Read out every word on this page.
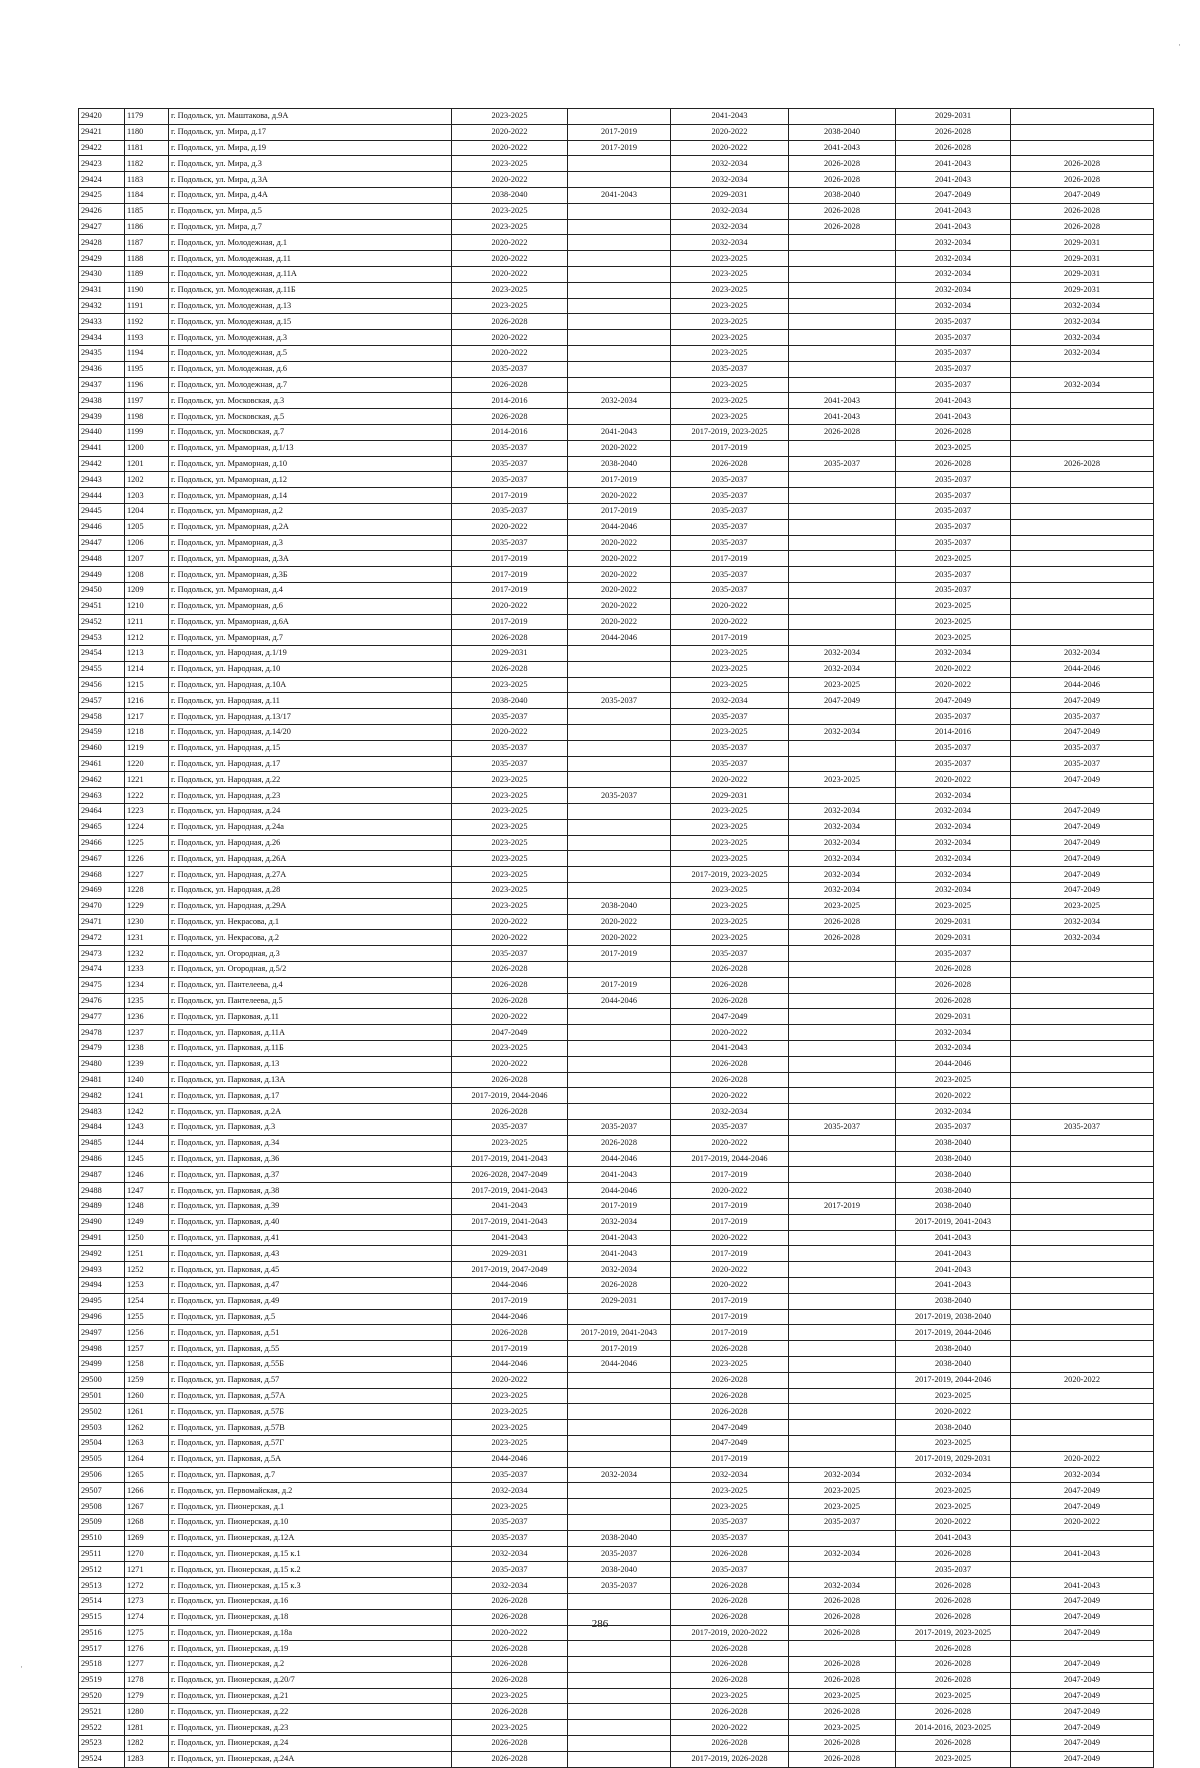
29420	1179	г. Подольск, ул. Маштакова, д.9А	2023-2025		2041-2043		2029-2031	
29421	1180	г. Подольск, ул. Мира, д.17	2020-2022	2017-2019	2020-2022	2038-2040	2026-2028	
29422	1181	г. Подольск, ул. Мира, д.19	2020-2022	2017-2019	2020-2022	2041-2043	2026-2028	
29423	1182	г. Подольск, ул. Мира, д.3	2023-2025		2032-2034	2026-2028	2041-2043	2026-2028
29424	1183	г. Подольск, ул. Мира, д.3А	2020-2022		2032-2034	2026-2028	2041-2043	2026-2028
29425	1184	г. Подольск, ул. Мира, д.4А	2038-2040	2041-2043	2029-2031	2038-2040	2047-2049	2047-2049
29426	1185	г. Подольск, ул. Мира, д.5	2023-2025		2032-2034	2026-2028	2041-2043	2026-2028
29427	1186	г. Подольск, ул. Мира, д.7	2023-2025		2032-2034	2026-2028	2041-2043	2026-2028
29428	1187	г. Подольск, ул. Молодежная, д.1	2020-2022		2032-2034		2032-2034	2029-2031
29429	1188	г. Подольск, ул. Молодежная, д.11	2020-2022		2023-2025		2032-2034	2029-2031
29430	1189	г. Подольск, ул. Молодежная, д.11А	2020-2022		2023-2025		2032-2034	2029-2031
29431	1190	г. Подольск, ул. Молодежная, д.11Б	2023-2025		2023-2025		2032-2034	2029-2031
29432	1191	г. Подольск, ул. Молодежная, д.13	2023-2025		2023-2025		2032-2034	2032-2034
29433	1192	г. Подольск, ул. Молодежная, д.15	2026-2028		2023-2025		2035-2037	2032-2034
29434	1193	г. Подольск, ул. Молодежная, д.3	2020-2022		2023-2025		2035-2037	2032-2034
29435	1194	г. Подольск, ул. Молодежная, д.5	2020-2022		2023-2025		2035-2037	2032-2034
29436	1195	г. Подольск, ул. Молодежная, д.6	2035-2037		2035-2037		2035-2037	
29437	1196	г. Подольск, ул. Молодежная, д.7	2026-2028		2023-2025		2035-2037	2032-2034
29438	1197	г. Подольск, ул. Московская, д.3	2014-2016	2032-2034	2023-2025	2041-2043	2041-2043	
29439	1198	г. Подольск, ул. Московская, д.5	2026-2028		2023-2025	2041-2043	2041-2043	
29440	1199	г. Подольск, ул. Московская, д.7	2014-2016	2041-2043	2017-2019, 2023-2025	2026-2028	2026-2028	
29441	1200	г. Подольск, ул. Мраморная, д.1/13	2035-2037	2020-2022	2017-2019		2023-2025	
29442	1201	г. Подольск, ул. Мраморная, д.10	2035-2037	2038-2040	2026-2028	2035-2037	2026-2028	2026-2028
29443	1202	г. Подольск, ул. Мраморная, д.12	2035-2037	2017-2019	2035-2037		2035-2037	
29444	1203	г. Подольск, ул. Мраморная, д.14	2017-2019	2020-2022	2035-2037		2035-2037	
29445	1204	г. Подольск, ул. Мраморная, д.2	2035-2037	2017-2019	2035-2037		2035-2037	
29446	1205	г. Подольск, ул. Мраморная, д.2А	2020-2022	2044-2046	2035-2037		2035-2037	
29447	1206	г. Подольск, ул. Мраморная, д.3	2035-2037	2020-2022	2035-2037		2035-2037	
29448	1207	г. Подольск, ул. Мраморная, д.3А	2017-2019	2020-2022	2017-2019		2023-2025	
29449	1208	г. Подольск, ул. Мраморная, д.3Б	2017-2019	2020-2022	2035-2037		2035-2037	
29450	1209	г. Подольск, ул. Мраморная, д.4	2017-2019	2020-2022	2035-2037		2035-2037	
29451	1210	г. Подольск, ул. Мраморная, д.6	2020-2022	2020-2022	2020-2022		2023-2025	
29452	1211	г. Подольск, ул. Мраморная, д.6А	2017-2019	2020-2022	2020-2022		2023-2025	
29453	1212	г. Подольск, ул. Мраморная, д.7	2026-2028	2044-2046	2017-2019		2023-2025	
29454	1213	г. Подольск, ул. Народная, д.1/19	2029-2031		2023-2025	2032-2034	2032-2034	2032-2034
29455	1214	г. Подольск, ул. Народная, д.10	2026-2028		2023-2025	2032-2034	2020-2022	2044-2046
29456	1215	г. Подольск, ул. Народная, д.10А	2023-2025		2023-2025	2023-2025	2020-2022	2044-2046
29457	1216	г. Подольск, ул. Народная, д.11	2038-2040	2035-2037	2032-2034	2047-2049	2047-2049	2047-2049
29458	1217	г. Подольск, ул. Народная, д.13/17	2035-2037		2035-2037		2035-2037	2035-2037
29459	1218	г. Подольск, ул. Народная, д.14/20	2020-2022		2023-2025	2032-2034	2014-2016	2047-2049
29460	1219	г. Подольск, ул. Народная, д.15	2035-2037		2035-2037		2035-2037	2035-2037
29461	1220	г. Подольск, ул. Народная, д.17	2035-2037		2035-2037		2035-2037	2035-2037
29462	1221	г. Подольск, ул. Народная, д.22	2023-2025		2020-2022	2023-2025	2020-2022	2047-2049
29463	1222	г. Подольск, ул. Народная, д.23	2023-2025	2035-2037	2029-2031		2032-2034	
29464	1223	г. Подольск, ул. Народная, д.24	2023-2025		2023-2025	2032-2034	2032-2034	2047-2049
29465	1224	г. Подольск, ул. Народная, д.24а	2023-2025		2023-2025	2032-2034	2032-2034	2047-2049
29466	1225	г. Подольск, ул. Народная, д.26	2023-2025		2023-2025	2032-2034	2032-2034	2047-2049
29467	1226	г. Подольск, ул. Народная, д.26А	2023-2025		2023-2025	2032-2034	2032-2034	2047-2049
29468	1227	г. Подольск, ул. Народная, д.27А	2023-2025		2017-2019, 2023-2025	2032-2034	2032-2034	2047-2049
29469	1228	г. Подольск, ул. Народная, д.28	2023-2025		2023-2025	2032-2034	2032-2034	2047-2049
29470	1229	г. Подольск, ул. Народная, д.29А	2023-2025	2038-2040	2023-2025	2023-2025	2023-2025	2023-2025
29471	1230	г. Подольск, ул. Некрасова, д.1	2020-2022	2020-2022	2023-2025	2026-2028	2029-2031	2032-2034
29472	1231	г. Подольск, ул. Некрасова, д.2	2020-2022	2020-2022	2023-2025	2026-2028	2029-2031	2032-2034
29473	1232	г. Подольск, ул. Огородная, д.3	2035-2037	2017-2019	2035-2037		2035-2037	
29474	1233	г. Подольск, ул. Огородная, д.5/2	2026-2028		2026-2028		2026-2028	
29475	1234	г. Подольск, ул. Пантелеева, д.4	2026-2028	2017-2019	2026-2028		2026-2028	
29476	1235	г. Подольск, ул. Пантелеева, д.5	2026-2028	2044-2046	2026-2028		2026-2028	
29477	1236	г. Подольск, ул. Парковая, д.11	2020-2022		2047-2049		2029-2031	
29478	1237	г. Подольск, ул. Парковая, д.11А	2047-2049		2020-2022		2032-2034	
29479	1238	г. Подольск, ул. Парковая, д.11Б	2023-2025		2041-2043		2032-2034	
29480	1239	г. Подольск, ул. Парковая, д.13	2020-2022		2026-2028		2044-2046	
29481	1240	г. Подольск, ул. Парковая, д.13А	2026-2028		2026-2028		2023-2025	
29482	1241	г. Подольск, ул. Парковая, д.17	2017-2019, 2044-2046		2020-2022		2020-2022	
29483	1242	г. Подольск, ул. Парковая, д.2А	2026-2028		2032-2034		2032-2034	
29484	1243	г. Подольск, ул. Парковая, д.3	2035-2037	2035-2037	2035-2037	2035-2037	2035-2037	2035-2037
29485	1244	г. Подольск, ул. Парковая, д.34	2023-2025	2026-2028	2020-2022		2038-2040	
29486	1245	г. Подольск, ул. Парковая, д.36	2017-2019, 2041-2043	2044-2046	2017-2019, 2044-2046		2038-2040	
29487	1246	г. Подольск, ул. Парковая, д.37	2026-2028, 2047-2049	2041-2043	2017-2019		2038-2040	
29488	1247	г. Подольск, ул. Парковая, д.38	2017-2019, 2041-2043	2044-2046	2020-2022		2038-2040	
29489	1248	г. Подольск, ул. Парковая, д.39	2041-2043	2017-2019	2017-2019	2017-2019	2038-2040	
29490	1249	г. Подольск, ул. Парковая, д.40	2017-2019, 2041-2043	2032-2034	2017-2019		2017-2019, 2041-2043	
29491	1250	г. Подольск, ул. Парковая, д.41	2041-2043	2041-2043	2020-2022		2041-2043	
29492	1251	г. Подольск, ул. Парковая, д.43	2029-2031	2041-2043	2017-2019		2041-2043	
29493	1252	г. Подольск, ул. Парковая, д.45	2017-2019, 2047-2049	2032-2034	2020-2022		2041-2043	
29494	1253	г. Подольск, ул. Парковая, д.47	2044-2046	2026-2028	2020-2022		2041-2043	
29495	1254	г. Подольск, ул. Парковая, д.49	2017-2019	2029-2031	2017-2019		2038-2040	
29496	1255	г. Подольск, ул. Парковая, д.5	2044-2046		2017-2019		2017-2019, 2038-2040	
29497	1256	г. Подольск, ул. Парковая, д.51	2026-2028	2017-2019, 2041-2043	2017-2019		2017-2019, 2044-2046	
29498	1257	г. Подольск, ул. Парковая, д.55	2017-2019	2017-2019	2026-2028		2038-2040	
29499	1258	г. Подольск, ул. Парковая, д.55Б	2044-2046	2044-2046	2023-2025		2038-2040	
29500	1259	г. Подольск, ул. Парковая, д.57	2020-2022		2026-2028		2017-2019, 2044-2046	2020-2022
29501	1260	г. Подольск, ул. Парковая, д.57А	2023-2025		2026-2028		2023-2025	
29502	1261	г. Подольск, ул. Парковая, д.57Б	2023-2025		2026-2028		2020-2022	
29503	1262	г. Подольск, ул. Парковая, д.57В	2023-2025		2047-2049		2038-2040	
29504	1263	г. Подольск, ул. Парковая, д.57Г	2023-2025		2047-2049		2023-2025	
29505	1264	г. Подольск, ул. Парковая, д.5А	2044-2046		2017-2019		2017-2019, 2029-2031	2020-2022
29506	1265	г. Подольск, ул. Парковая, д.7	2035-2037	2032-2034	2032-2034	2032-2034	2032-2034	2032-2034
29507	1266	г. Подольск, ул. Первомайская, д.2	2032-2034		2023-2025	2023-2025	2023-2025	2047-2049
29508	1267	г. Подольск, ул. Пионерская, д.1	2023-2025		2023-2025	2023-2025	2023-2025	2047-2049
29509	1268	г. Подольск, ул. Пионерская, д.10	2035-2037		2035-2037	2035-2037	2020-2022	2020-2022
29510	1269	г. Подольск, ул. Пионерская, д.12А	2035-2037	2038-2040	2035-2037		2041-2043	
29511	1270	г. Подольск, ул. Пионерская, д.15 к.1	2032-2034	2035-2037	2026-2028	2032-2034	2026-2028	2041-2043
29512	1271	г. Подольск, ул. Пионерская, д.15 к.2	2035-2037	2038-2040	2035-2037		2035-2037	
29513	1272	г. Подольск, ул. Пионерская, д.15 к.3	2032-2034	2035-2037	2026-2028	2032-2034	2026-2028	2041-2043
29514	1273	г. Подольск, ул. Пионерская, д.16	2026-2028		2026-2028	2026-2028	2026-2028	2047-2049
29515	1274	г. Подольск, ул. Пионерская, д.18	2026-2028		2026-2028	2026-2028	2026-2028	2047-2049
29516	1275	г. Подольск, ул. Пионерская, д.18а	2020-2022		2017-2019, 2020-2022	2026-2028	2017-2019, 2023-2025	2047-2049
29517	1276	г. Подольск, ул. Пионерская, д.19	2026-2028		2026-2028		2026-2028	
29518	1277	г. Подольск, ул. Пионерская, д.2	2026-2028		2026-2028	2026-2028	2026-2028	2047-2049
29519	1278	г. Подольск, ул. Пионерская, д.20/7	2026-2028		2026-2028	2026-2028	2026-2028	2047-2049
29520	1279	г. Подольск, ул. Пионерская, д.21	2023-2025		2023-2025	2023-2025	2023-2025	2047-2049
29521	1280	г. Подольск, ул. Пионерская, д.22	2026-2028		2026-2028	2026-2028	2026-2028	2047-2049
29522	1281	г. Подольск, ул. Пионерская, д.23	2023-2025		2020-2022	2023-2025	2014-2016, 2023-2025	2047-2049
29523	1282	г. Подольск, ул. Пионерская, д.24	2026-2028		2026-2028	2026-2028	2026-2028	2047-2049
29524	1283	г. Подольск, ул. Пионерская, д.24А	2026-2028		2017-2019, 2026-2028	2026-2028	2023-2025	2047-2049
286
·
·
